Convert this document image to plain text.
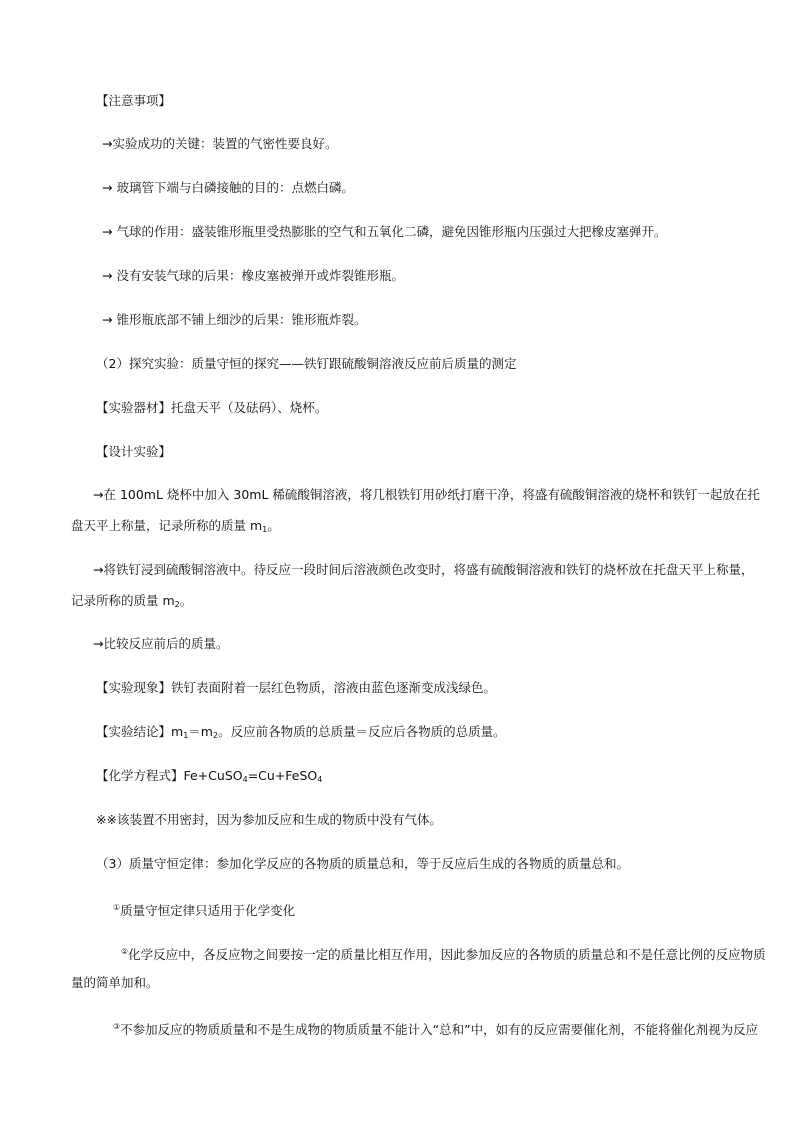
【注意事项】
→实验成功的关键：装置的气密性要良好。
→ 玻璃管下端与白磷接触的目的：点燃白磷。
→ 气球的作用：盛装锥形瓶里受热膨胀的空气和五氧化二磷，避免因锥形瓶内压强过大把橡皮塞弹开。
→ 没有安装气球的后果：橡皮塞被弹开或炸裂锥形瓶。
→ 锥形瓶底部不铺上细沙的后果：锥形瓶炸裂。
（2）探究实验：质量守恒的探究——铁钉跟硫酸铜溶液反应前后质量的测定
【实验器材】托盘天平（及砝码）、烧杯。
【设计实验】
→在 100mL 烧杯中加入 30mL 稀硫酸铜溶液，将几根铁钉用砂纸打磨干净，将盛有硫酸铜溶液的烧杯和铁钉一起放在托
盘天平上称量，记录所称的质量 $m_1$。
→将铁钉浸到硫酸铜溶液中。待反应一段时间后溶液颜色改变时，将盛有硫酸铜溶液和铁钉的烧杯放在托盘天平上称量，
记录所称的质量 $m_2$。
→比较反应前后的质量。
【实验现象】铁钉表面附着一层红色物质，溶液由蓝色逐渐变成浅绿色。
【实验结论】$m_1=m_2$。反应前各物质的总质量＝反应后各物质的总质量。
【化学方程式】Fe+CuSO$_4$=Cu+FeSO$_4$
※※该装置不用密封，因为参加反应和生成的物质中没有气体。
（3）质量守恒定律：参加化学反应的各物质的质量总和，等于反应后生成的各物质的质量总和。
①质量守恒定律只适用于化学变化
②化学反应中，各反应物之间要按一定的质量比相互作用，因此参加反应的各物质的质量总和不是任意比例的反应物质
量的简单加和。
③不参加反应的物质质量和不是生成物的物质质量不能计入“总和”中，如有的反应需要催化剂，不能将催化剂视为反应
